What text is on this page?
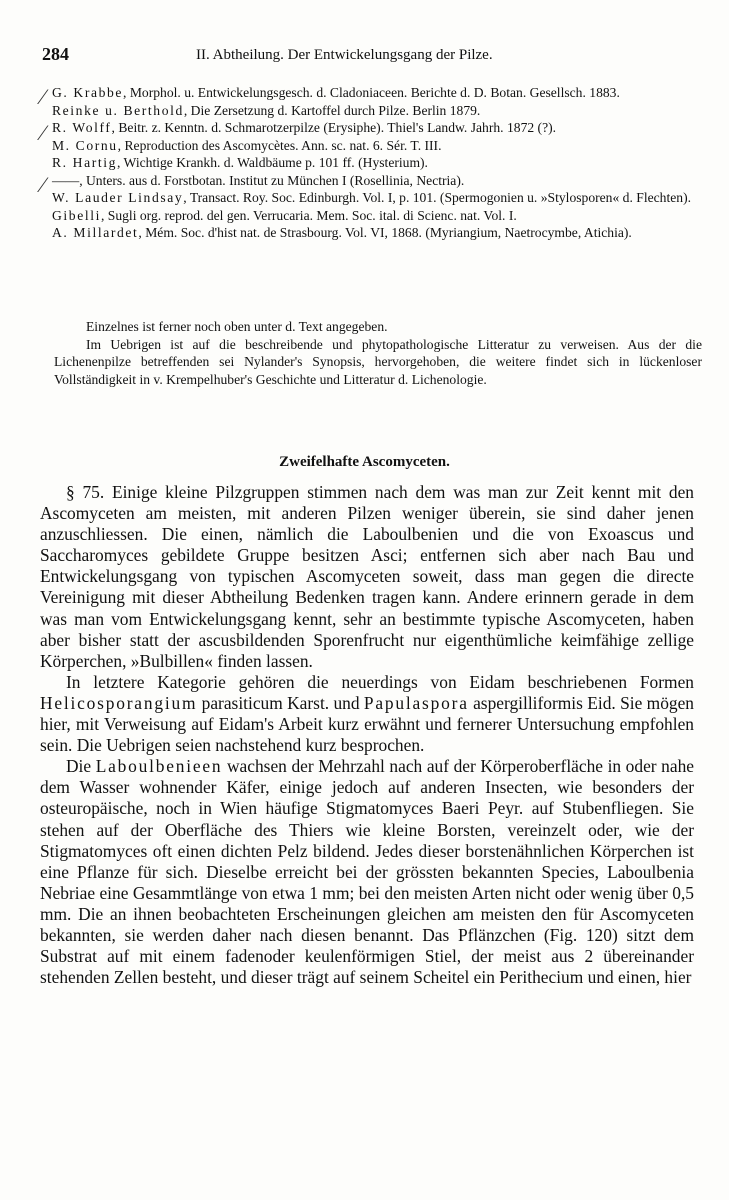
284	II. Abtheilung. Der Entwickelungsgang der Pilze.
⁄
⁄
⁄

G. Krabbe, Morphol. u. Entwickelungsgesch. d. Cladoniaceen. Berichte d. D. Botan. Gesellsch. 1883.

Reinke u. Berthold, Die Zersetzung d. Kartoffel durch Pilze. Berlin 1879.

R. Wolff, Beitr. z. Kenntn. d. Schmarotzerpilze (Erysiphe). Thiel's Landw. Jahrh. 1872 (?).

M. Cornu, Reproduction des Ascomycètes. Ann. sc. nat. 6. Sér. T. III.

R. Hartig, Wichtige Krankh. d. Waldbäume p. 101 ff. (Hysterium).

——, Unters. aus d. Forstbotan. Institut zu München I (Rosellinia, Nectria).

W. Lauder Lindsay, Transact. Roy. Soc. Edinburgh. Vol. I, p. 101. (Spermogonien u. »Stylosporen« d. Flechten).

Gibelli, Sugli org. reprod. del gen. Verrucaria. Mem. Soc. ital. di Scienc. nat. Vol. I.

A. Millardet, Mém. Soc. d'hist nat. de Strasbourg. Vol. VI, 1868. (Myriangium, Naetrocymbe, Atichia).

Einzelnes ist ferner noch oben unter d. Text angegeben.

Im Uebrigen ist auf die beschreibende und phytopathologische Litteratur zu verweisen. Aus der die Lichenenpilze betreffenden sei Nylander's Synopsis, hervorgehoben, die weitere findet sich in lückenloser Vollständigkeit in v. Krempelhuber's Geschichte und Litteratur d. Lichenologie.

Zweifelhafte Ascomyceten.

§ 75. Einige kleine Pilzgruppen stimmen nach dem was man zur Zeit kennt mit den Ascomyceten am meisten, mit anderen Pilzen weniger überein, sie sind daher jenen anzuschliessen. Die einen, nämlich die Laboulbenien und die von Exoascus und Saccharomyces gebildete Gruppe besitzen Asci; entfernen sich aber nach Bau und Entwickelungsgang von typischen Ascomyceten soweit, dass man gegen die directe Vereinigung mit dieser Abtheilung Bedenken tragen kann. Andere erinnern gerade in dem was man vom Entwickelungsgang kennt, sehr an bestimmte typische Ascomyceten, haben aber bisher statt der ascusbildenden Sporenfrucht nur eigenthümliche keimfähige zellige Körperchen, »Bulbillen« finden lassen.

In letztere Kategorie gehören die neuerdings von Eidam beschriebenen Formen Helicosporangium parasiticum Karst. und Papulaspora aspergilliformis Eid. Sie mögen hier, mit Verweisung auf Eidam's Arbeit kurz erwähnt und fernerer Untersuchung empfohlen sein. Die Uebrigen seien nachstehend kurz besprochen.

Die Laboulbenieen wachsen der Mehrzahl nach auf der Körperoberfläche in oder nahe dem Wasser wohnender Käfer, einige jedoch auf anderen Insecten, wie besonders der osteuropäische, noch in Wien häufige Stigmatomyces Baeri Peyr. auf Stubenfliegen. Sie stehen auf der Oberfläche des Thiers wie kleine Borsten, vereinzelt oder, wie der Stigmatomyces oft einen dichten Pelz bildend. Jedes dieser borstenähnlichen Körperchen ist eine Pflanze für sich. Dieselbe erreicht bei der grössten bekannten Species, Laboulbenia Nebriae eine Gesammtlänge von etwa 1 mm; bei den meisten Arten nicht oder wenig über 0,5 mm. Die an ihnen beobachteten Erscheinungen gleichen am meisten den für Ascomyceten bekannten, sie werden daher nach diesen benannt. Das Pflänzchen (Fig. 120) sitzt dem Substrat auf mit einem fadenoder keulenförmigen Stiel, der meist aus 2 übereinander stehenden Zellen besteht, und dieser trägt auf seinem Scheitel ein Perithecium und einen, hier
